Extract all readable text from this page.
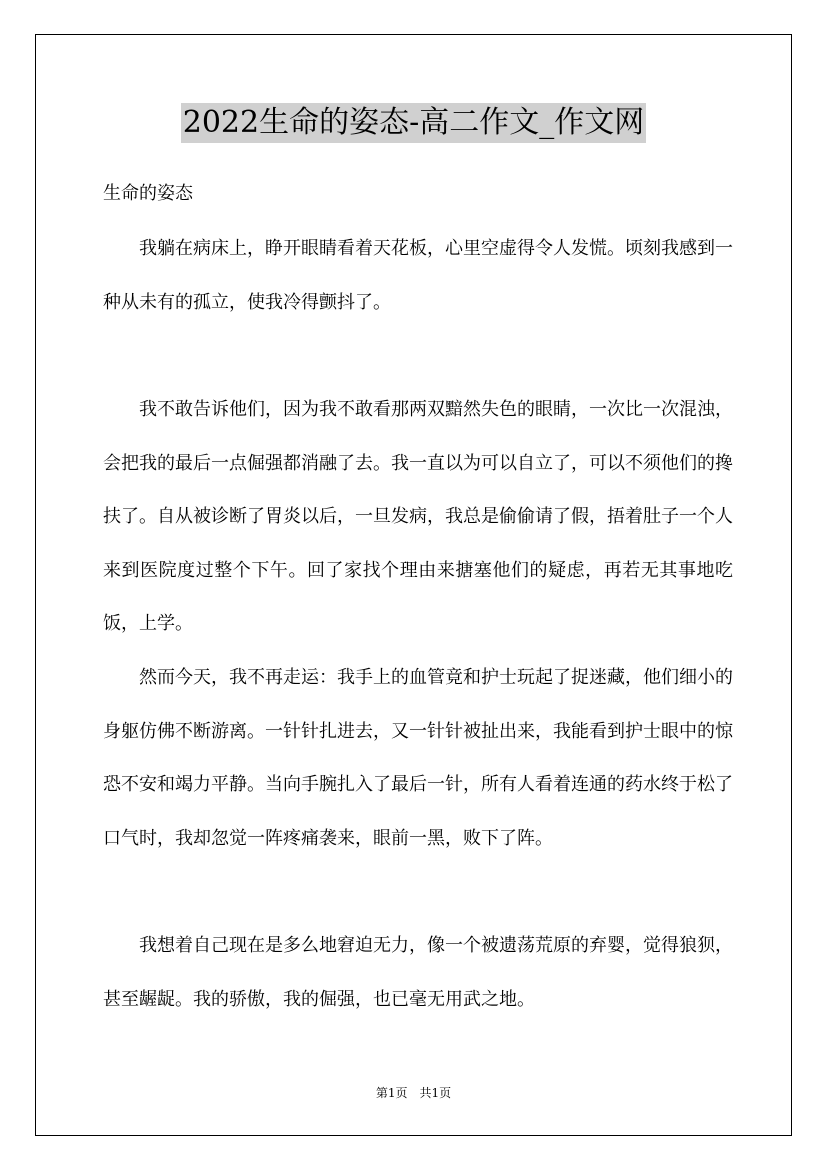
2022生命的姿态-高二作文_作文网
生命的姿态

我躺在病床上，睁开眼睛看着天花板，心里空虚得令人发慌。顷刻我感到一种从未有的孤立，使我冷得颤抖了。

我不敢告诉他们，因为我不敢看那两双黯然失色的眼睛，一次比一次混浊，会把我的最后一点倔强都消融了去。我一直以为可以自立了，可以不须他们的搀扶了。自从被诊断了胃炎以后，一旦发病，我总是偷偷请了假，捂着肚子一个人来到医院度过整个下午。回了家找个理由来搪塞他们的疑虑，再若无其事地吃饭，上学。

然而今天，我不再走运：我手上的血管竟和护士玩起了捉迷藏，他们细小的身躯仿佛不断游离。一针针扎进去，又一针针被扯出来，我能看到护士眼中的惊恐不安和竭力平静。当向手腕扎入了最后一针，所有人看着连通的药水终于松了口气时，我却忽觉一阵疼痛袭来，眼前一黑，败下了阵。

我想着自己现在是多么地窘迫无力，像一个被遗荡荒原的弃婴，觉得狼狈，甚至龌龊。我的骄傲，我的倔强，也已毫无用武之地。

第1页 共1页
